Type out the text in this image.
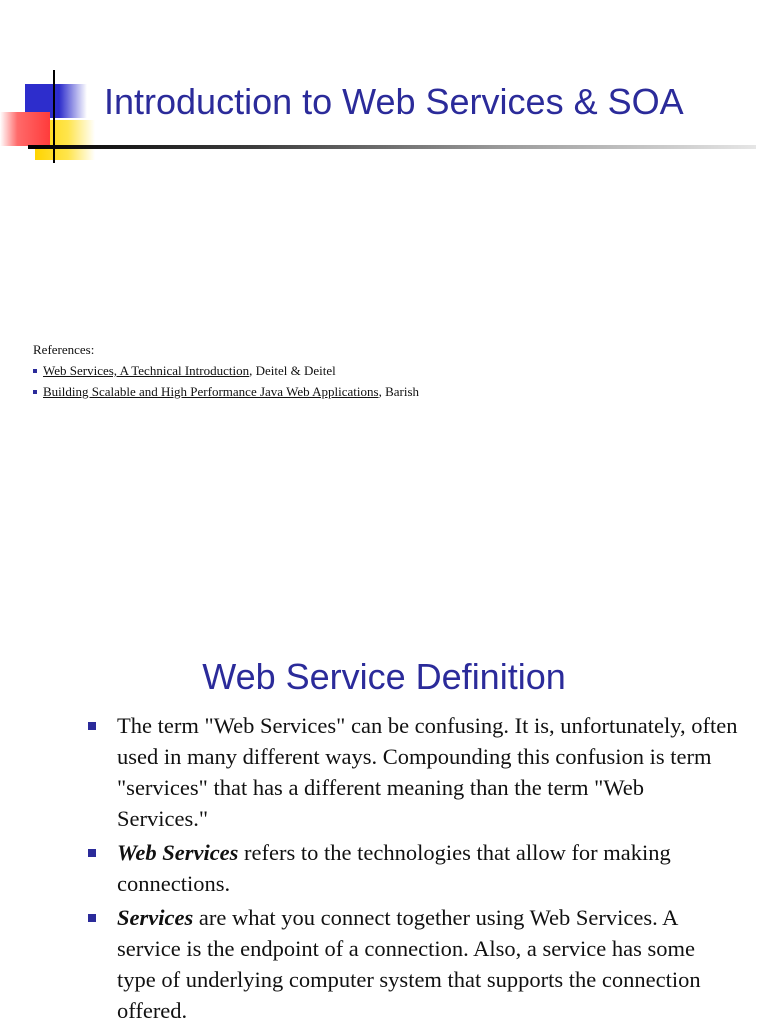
Introduction to Web Services & SOA

References:

Web Services, A Technical Introduction , Deitel & Deitel
Building Scalable and High Performance Java Web Applications , Barish
Web Service Definition
The term "Web Services" can be confusing. It is, unfortunately, often used in many different ways. Compounding this confusion is term "services" that has a different meaning than the term "Web Services."
Web Services refers to the technologies that allow for making connections.
Services are what you connect together using Web Services. A service is the endpoint of a connection. Also, a service has some type of underlying computer system that supports the connection offered.
